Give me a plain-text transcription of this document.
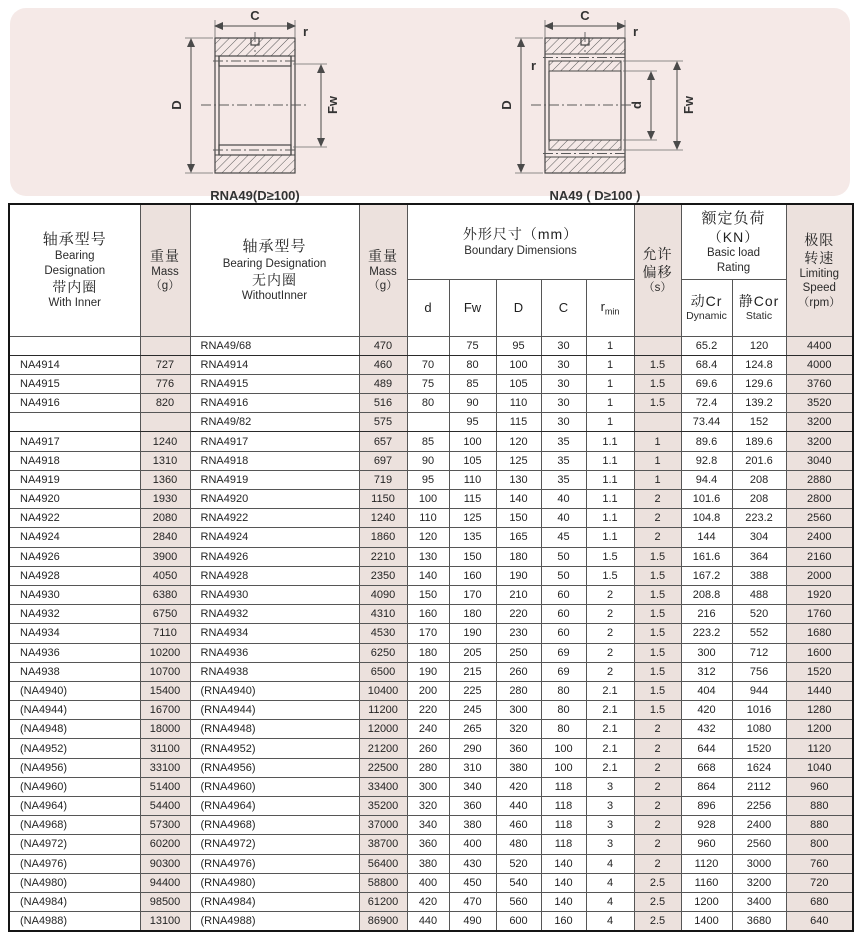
C
r
D	Fw
RNA49(D≥100)
C
r
r
D	d	Fw
NA49 ( D≥100 )
轴承型号
Bearing
Designation
带内圈
With Inner

重量
Mass
（g）

轴承型号
Bearing Designation
无内圈
WithoutInner

重量
Mass
（g）

外形尺寸（mm）
Boundary Dimensions	允许
偏移
（s）

额定负荷
（KN）
Basic load
Rating

极限
转速
Limiting
Speed
（rpm）

d	Fw	D	C	$r_{min}$	
动Cr
Dynamic

静Cor
Static

		RNA49/68	470		75	95	30	1		65.2	120	4400
NA4914	727	RNA4914	460	70	80	100	30	1	1.5	68.4	124.8	4000
NA4915	776	RNA4915	489	75	85	105	30	1	1.5	69.6	129.6	3760
NA4916	820	RNA4916	516	80	90	110	30	1	1.5	72.4	139.2	3520
		RNA49/82	575		95	115	30	1		73.44	152	3200
NA4917	1240	RNA4917	657	85	100	120	35	1.1	1	89.6	189.6	3200
NA4918	1310	RNA4918	697	90	105	125	35	1.1	1	92.8	201.6	3040
NA4919	1360	RNA4919	719	95	110	130	35	1.1	1	94.4	208	2880
NA4920	1930	RNA4920	1150	100	115	140	40	1.1	2	101.6	208	2800
NA4922	2080	RNA4922	1240	110	125	150	40	1.1	2	104.8	223.2	2560
NA4924	2840	RNA4924	1860	120	135	165	45	1.1	2	144	304	2400
NA4926	3900	RNA4926	2210	130	150	180	50	1.5	1.5	161.6	364	2160
NA4928	4050	RNA4928	2350	140	160	190	50	1.5	1.5	167.2	388	2000
NA4930	6380	RNA4930	4090	150	170	210	60	2	1.5	208.8	488	1920
NA4932	6750	RNA4932	4310	160	180	220	60	2	1.5	216	520	1760
NA4934	7110	RNA4934	4530	170	190	230	60	2	1.5	223.2	552	1680
NA4936	10200	RNA4936	6250	180	205	250	69	2	1.5	300	712	1600
NA4938	10700	RNA4938	6500	190	215	260	69	2	1.5	312	756	1520
(NA4940)	15400	(RNA4940)	10400	200	225	280	80	2.1	1.5	404	944	1440
(NA4944)	16700	(RNA4944)	11200	220	245	300	80	2.1	1.5	420	1016	1280
(NA4948)	18000	(RNA4948)	12000	240	265	320	80	2.1	2	432	1080	1200
(NA4952)	31100	(RNA4952)	21200	260	290	360	100	2.1	2	644	1520	1120
(NA4956)	33100	(RNA4956)	22500	280	310	380	100	2.1	2	668	1624	1040
(NA4960)	51400	(RNA4960)	33400	300	340	420	118	3	2	864	2112	960
(NA4964)	54400	(RNA4964)	35200	320	360	440	118	3	2	896	2256	880
(NA4968)	57300	(RNA4968)	37000	340	380	460	118	3	2	928	2400	880
(NA4972)	60200	(RNA4972)	38700	360	400	480	118	3	2	960	2560	800
(NA4976)	90300	(RNA4976)	56400	380	430	520	140	4	2	1120	3000	760
(NA4980)	94400	(RNA4980)	58800	400	450	540	140	4	2.5	1160	3200	720
(NA4984)	98500	(RNA4984)	61200	420	470	560	140	4	2.5	1200	3400	680
(NA4988)	13100	(RNA4988)	86900	440	490	600	160	4	2.5	1400	3680	640
